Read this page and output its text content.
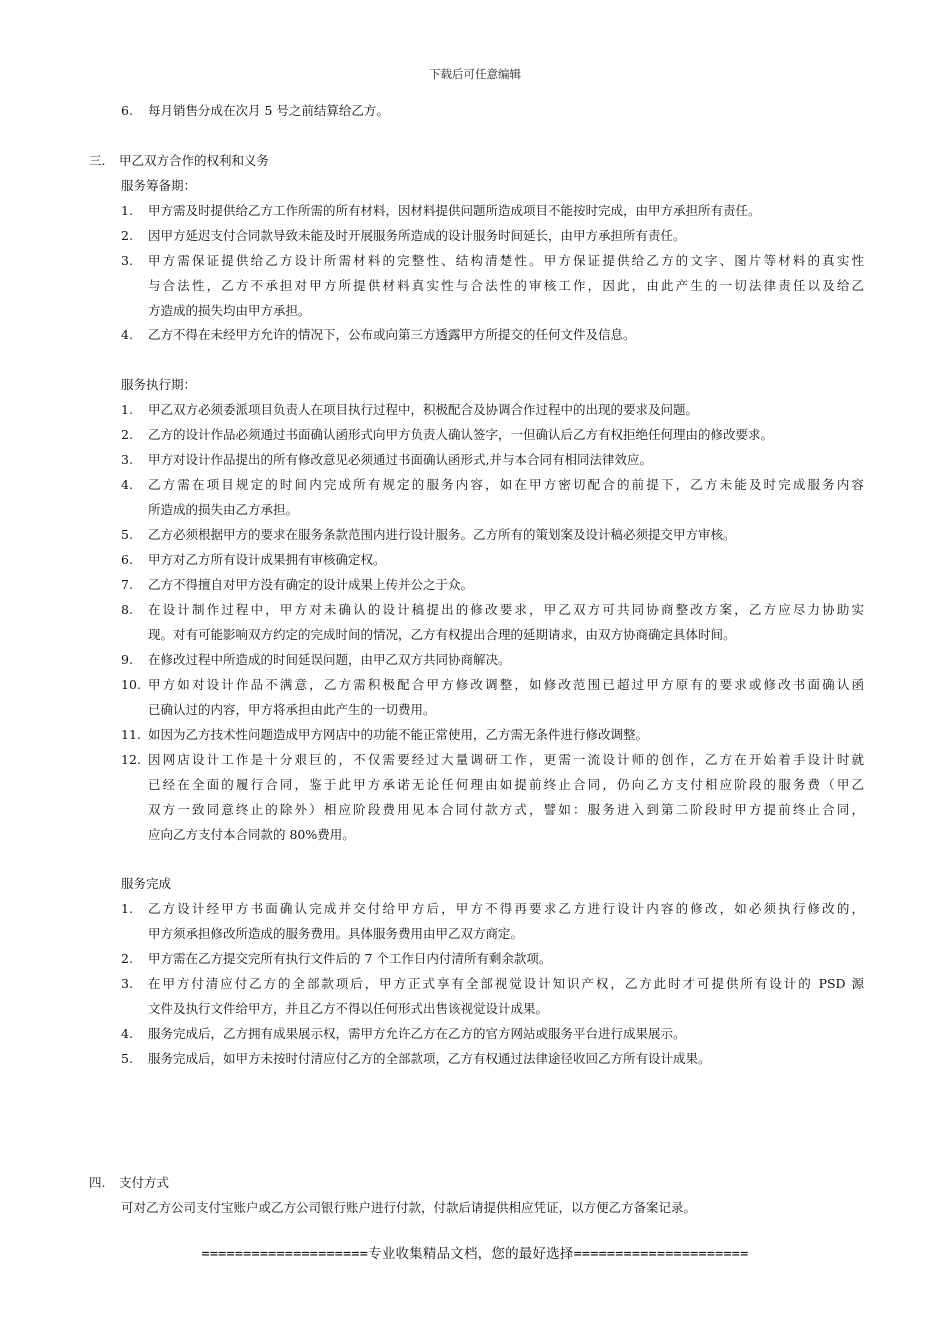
下载后可任意编辑
三. 甲乙双方合作的权利和义务
服务筹备期：
服务执行期：
服务完成
四. 支付方式
可对乙方公司支付宝账户或乙方公司银行账户进行付款，付款后请提供相应凭证，以方便乙方备案记录。
6. 每月销售分成在次月 5 号之前结算给乙方。
1. 甲方需及时提供给乙方工作所需的所有材料，因材料提供问题所造成项目不能按时完成，由甲方承担所有责任。
2. 因甲方延迟支付合同款导致未能及时开展服务所造成的设计服务时间延长，由甲方承担所有责任。
3. 甲方需保证提供给乙方设计所需材料的完整性、结构清楚性。甲方保证提供给乙方的文字、图片等材料的真实性
与合法性，乙方不承担对甲方所提供材料真实性与合法性的审核工作，因此，由此产生的一切法律责任以及给乙
方造成的损失均由甲方承担。
4. 乙方不得在未经甲方允许的情况下，公布或向第三方透露甲方所提交的任何文件及信息。
1. 甲乙双方必须委派项目负责人在项目执行过程中，积极配合及协调合作过程中的出现的要求及问题。
2. 乙方的设计作品必须通过书面确认函形式向甲方负责人确认签字，一但确认后乙方有权拒绝任何理由的修改要求。
3. 甲方对设计作品提出的所有修改意见必须通过书面确认函形式,并与本合同有相同法律效应。
4. 乙方需在项目规定的时间内完成所有规定的服务内容，如在甲方密切配合的前提下，乙方未能及时完成服务内容
所造成的损失由乙方承担。
5. 乙方必须根据甲方的要求在服务条款范围内进行设计服务。乙方所有的策划案及设计稿必须提交甲方审核。
6. 甲方对乙方所有设计成果拥有审核确定权。
7. 乙方不得擅自对甲方没有确定的设计成果上传并公之于众。
8. 在设计制作过程中，甲方对未确认的设计稿提出的修改要求，甲乙双方可共同协商整改方案，乙方应尽力协助实
现。对有可能影响双方约定的完成时间的情况，乙方有权提出合理的延期请求，由双方协商确定具体时间。
9. 在修改过程中所造成的时间延误问题，由甲乙双方共同协商解决。
10. 甲方如对设计作品不满意，乙方需积极配合甲方修改调整，如修改范围已超过甲方原有的要求或修改书面确认函
已确认过的内容，甲方将承担由此产生的一切费用。
11. 如因为乙方技术性问题造成甲方网店中的功能不能正常使用，乙方需无条件进行修改调整。
12. 因网店设计工作是十分艰巨的，不仅需要经过大量调研工作，更需一流设计师的创作，乙方在开始着手设计时就
已经在全面的履行合同，鉴于此甲方承诺无论任何理由如提前终止合同，仍向乙方支付相应阶段的服务费（甲乙
双方一致同意终止的除外）相应阶段费用见本合同付款方式，譬如：服务进入到第二阶段时甲方提前终止合同，
应向乙方支付本合同款的 80%费用。
1. 乙方设计经甲方书面确认完成并交付给甲方后，甲方不得再要求乙方进行设计内容的修改，如必须执行修改的，
甲方须承担修改所造成的服务费用。具体服务费用由甲乙双方商定。
2. 甲方需在乙方提交完所有执行文件后的 7 个工作日内付清所有剩余款项。
3. 在甲方付清应付乙方的全部款项后，甲方正式享有全部视觉设计知识产权，乙方此时才可提供所有设计的 PSD 源
文件及执行文件给甲方，并且乙方不得以任何形式出售该视觉设计成果。
4. 服务完成后，乙方拥有成果展示权，需甲方允许乙方在乙方的官方网站或服务平台进行成果展示。
5. 服务完成后，如甲方未按时付清应付乙方的全部款项，乙方有权通过法律途径收回乙方所有设计成果。
====================专业收集精品文档，您的最好选择=====================
